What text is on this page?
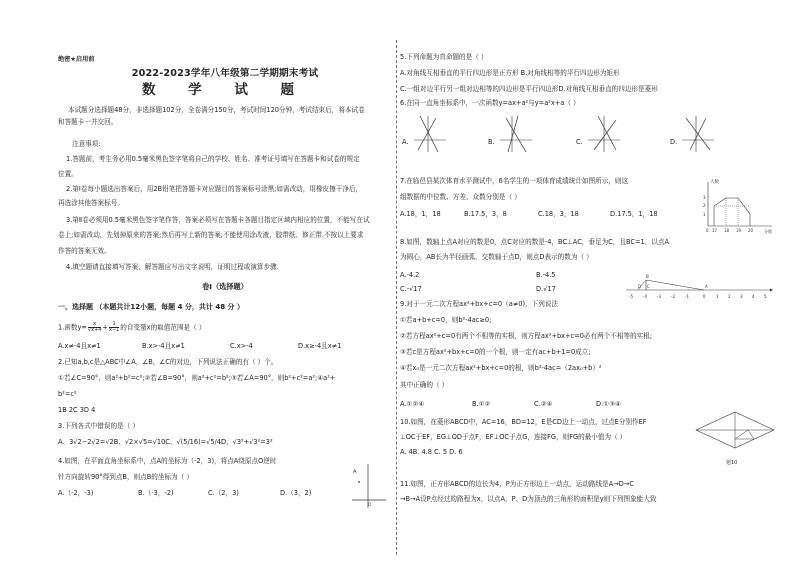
绝密★启用前
2022-2023学年八年级第二学期期末考试
数 学 试 题
本试题分选择题48分，非选择题102分，全卷满分150分，考试时间120分钟，考试结束后，将本试卷
和答题卡一并交回。
注意事项:
1.答题前，考生务必用0.5毫米黑色签字笔将自己的学校、姓名、准考证号填写在答题卡和试卷的规定
位置。
2.第Ⅰ卷每小题选出答案后，用2B铅笔把答题卡对应题目的答案标号涂黑;如需改动，用橡皮擦干净后，
再选涂其他答案标号。
3.第Ⅱ卷必须用0.5毫米黑色签字笔作答，答案必须写在答题卡各题目指定区域内相应的位置，不能写在试
卷上;如需改动，先划掉原来的答案;然后再写上新的答案;不能使用涂改液、胶带纸、修正带.不按以上要求
作答的答案无效。
4.填空题请直接填写答案，解答题应写出文字说明，证明过程或演算步骤.
卷Ⅰ（选择题）
一、选择题 （本题共计12小题，每题 4 分，共计 48 分 ）
1.函数$y= \frac{x}{√x+4} + \frac{1}{x-1}$ 的自变量x的取值范围是（ ）
A.x≠-4且x≠1	B.x>-4且x≠1	C.x>-4	D.x≥-4且x≠1
2.已知a,b,c是△ABC中∠A，∠B，∠C的对边，下列说法正确的有（ ）个。
①若∠C=90°，则a²+b²=c²;②若∠B=90°，则a²+c²=b²;③若∠A=90°，则b²+c²=a²;④a²+
b²=c²
1B 2C 3D 4
3.下列各式中错误的是（ ）
A、3√2−2√2=√2B、√2×√5=√10C、√(5/16)=√5/4D、√3²+√3²=3²
4.如图，在平面直角坐标系中，点A的坐标为（-2，3)，将点A绕原点O逆时
针方向旋转90°得到点B，则点B的坐标为（ ）
A.（-2，-3)	B.（-3，-2)	C.（2，3)	D.（3，2)
A
O
5.下列命题为真命题的是（ ）
A.对角线互相垂直的平行四边形是正方形 B.对角线相等的平行四边形为矩形
C.一组对边平行另一组对边相等的四边形是平行四边形D.对角线互相垂直的四边形是菱形
6.在同一直角坐标系中，一次函数y=ax+a²与y=a²x+a（ ）
A.	B.	C.	D.
7.在临邑县某次体育水平测试中，6名学生的一项体育成绩统计如图所示，则这
组数据的中位数、方差、众数分别是（ ）
A.18，1，18	B.17.5，3，8	C.18，3，18	D.17.5，1，18
人数
分数
0 17 18 19 20
1
2
3
8.如图，数轴上点A对应的数是0，点C对应的数是-4，BC⊥AC，垂足为C，且BC=1，以点A
为圆心，AB长为半径画弧，交数轴于点D，则点D表示的数为（ ）
A.-4.2	B.-4.5
C.-√17	D.√17
B
D C	A
-5	-4	-3	-2	-1	0	1 2 3 4 5
9.对于一元二次方程ax²+bx+c=0（a≠0)，下列说法
①若a+b+c=0，则b²-4ac≥0;
②若方程ax²+c=0有两个不相等的实根，则方程ax²+bx+c=0必有两个不相等的实根;
③若c是方程ax²+bx+c=0的一个根，则一定有ac+b+1=0成立;
④若x₀是一元二次方程ax²+bx+c=0的根，则b²-4ac=（2ax₀+b）²
其中正确的（ ）
A.①②④	B.①②	C.②④	D.①③④
10.如图，在菱形ABCD中，AC=16，BD=12，E是CD边上一动点，过点E分别作EF
⊥OC于EF，EG⊥OD于点F，EF⊥OC于点G，连接FG，则FG的最小值为（ ）
A. 4B. 4.8 C. 5 D. 6
题10
11.如图，正方形ABCD的边长为4，P为正方形边上一动点，运动路线是A→D→C
→B→A设P点经过的路程为x，以点A、P、D为顶点的三角形的面积是y则下列图象能大致
